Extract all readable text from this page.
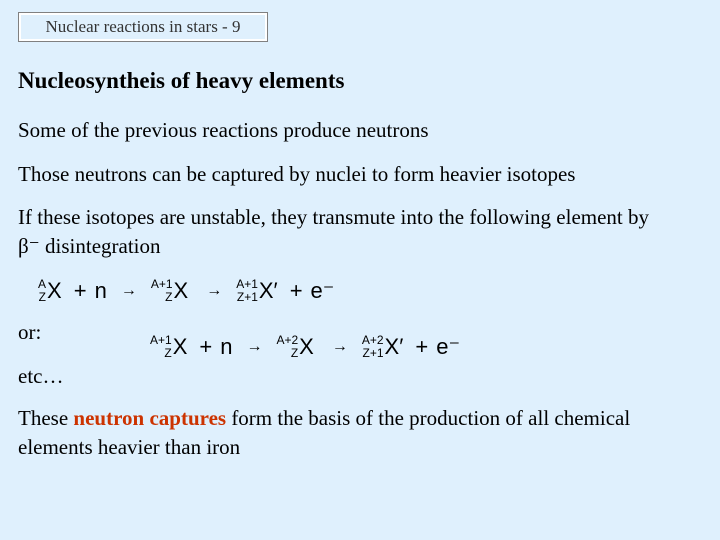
Nuclear reactions in stars - 9
Nucleosyntheis of heavy elements

Some of the previous reactions produce neutrons

Those neutrons can be captured by nuclei to form heavier isotopes

If these isotopes are unstable, they transmute into the following element by β⁻ disintegration

A
Z X + n → A+1
Z X → A+1
Z+1 X′ + e⁻

or:	A+1
Z X + n → A+2
Z X → A+2
Z+1 X′ + e⁻

etc…

These neutron captures form the basis of the production of all chemical elements heavier than iron
